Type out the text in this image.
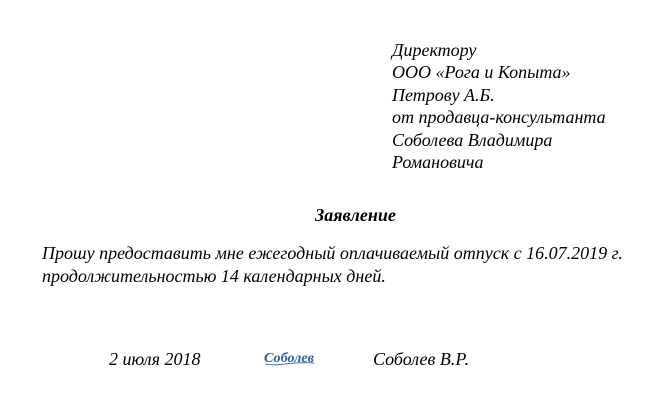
Директору
ООО «Рога и Копыта»
Петрову А.Б.
от продавца-консультанта
Соболева Владимира
Романовича
Заявление
Прошу предоставить мне ежегодный оплачиваемый отпуск с 16.07.2019 г.
продолжительностью 14 календарных дней.
2 июля 2018	Соболев	Соболев В.Р.
